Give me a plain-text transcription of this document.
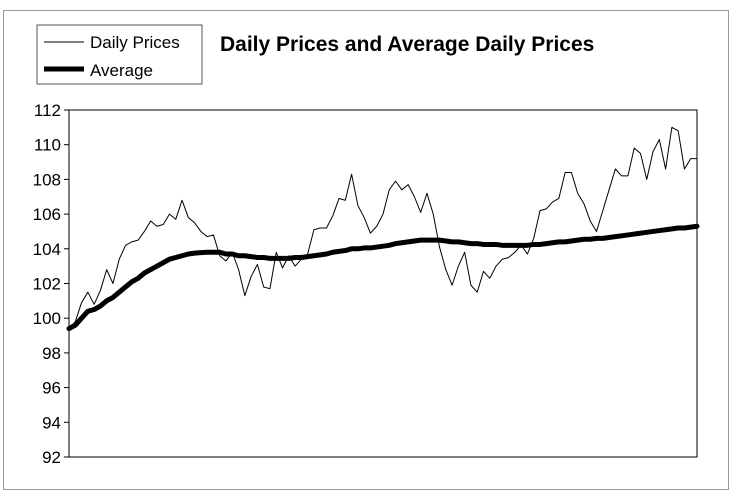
Daily Prices
Average
Daily Prices and Average Daily Prices
92
94
96
98
100
102
104
106
108
110
112
